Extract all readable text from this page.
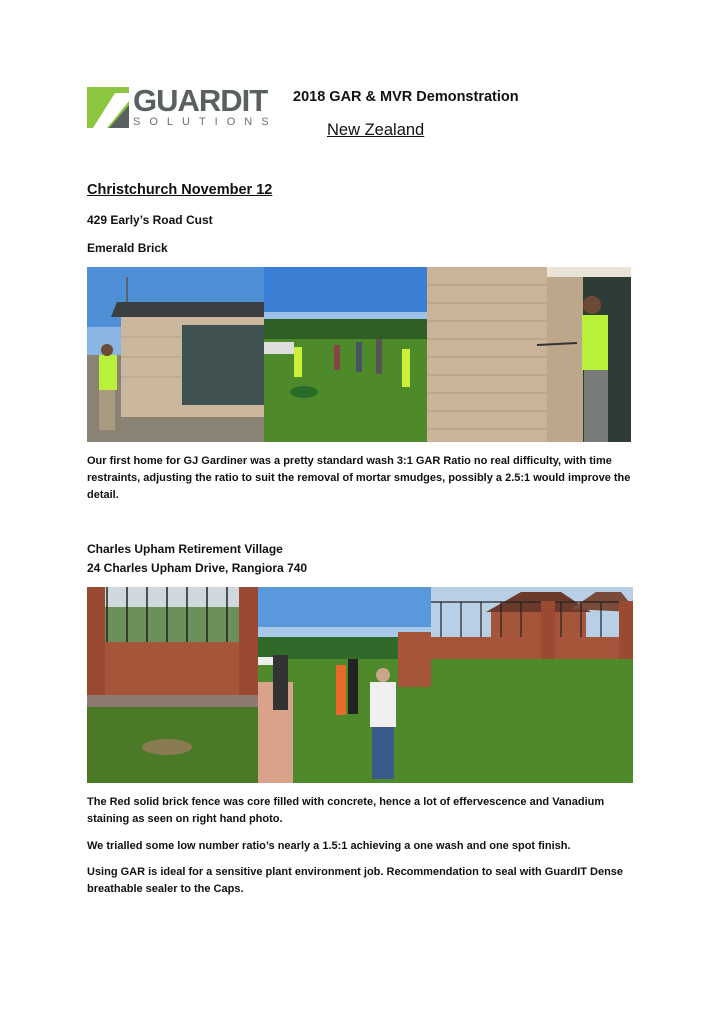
GUARDIT
SOLUTIONS
2018 GAR & MVR Demonstration
New Zealand
Christchurch November 12
429 Early’s Road Cust
Emerald Brick
Our first home for GJ Gardiner was a pretty standard wash 3:1 GAR Ratio no real difficulty, with time restraints, adjusting the ratio to suit the removal of mortar smudges, possibly a 2.5:1 would improve the detail.
Charles Upham Retirement Village
24 Charles Upham Drive, Rangiora 740
The Red solid brick fence was core filled with concrete, hence a lot of effervescence and Vanadium staining as seen on right hand photo.
We trialled some low number ratio’s nearly a 1.5:1 achieving a one wash and one spot finish.
Using GAR is ideal for a sensitive plant environment job. Recommendation to seal with GuardIT Dense breathable sealer to the Caps.
